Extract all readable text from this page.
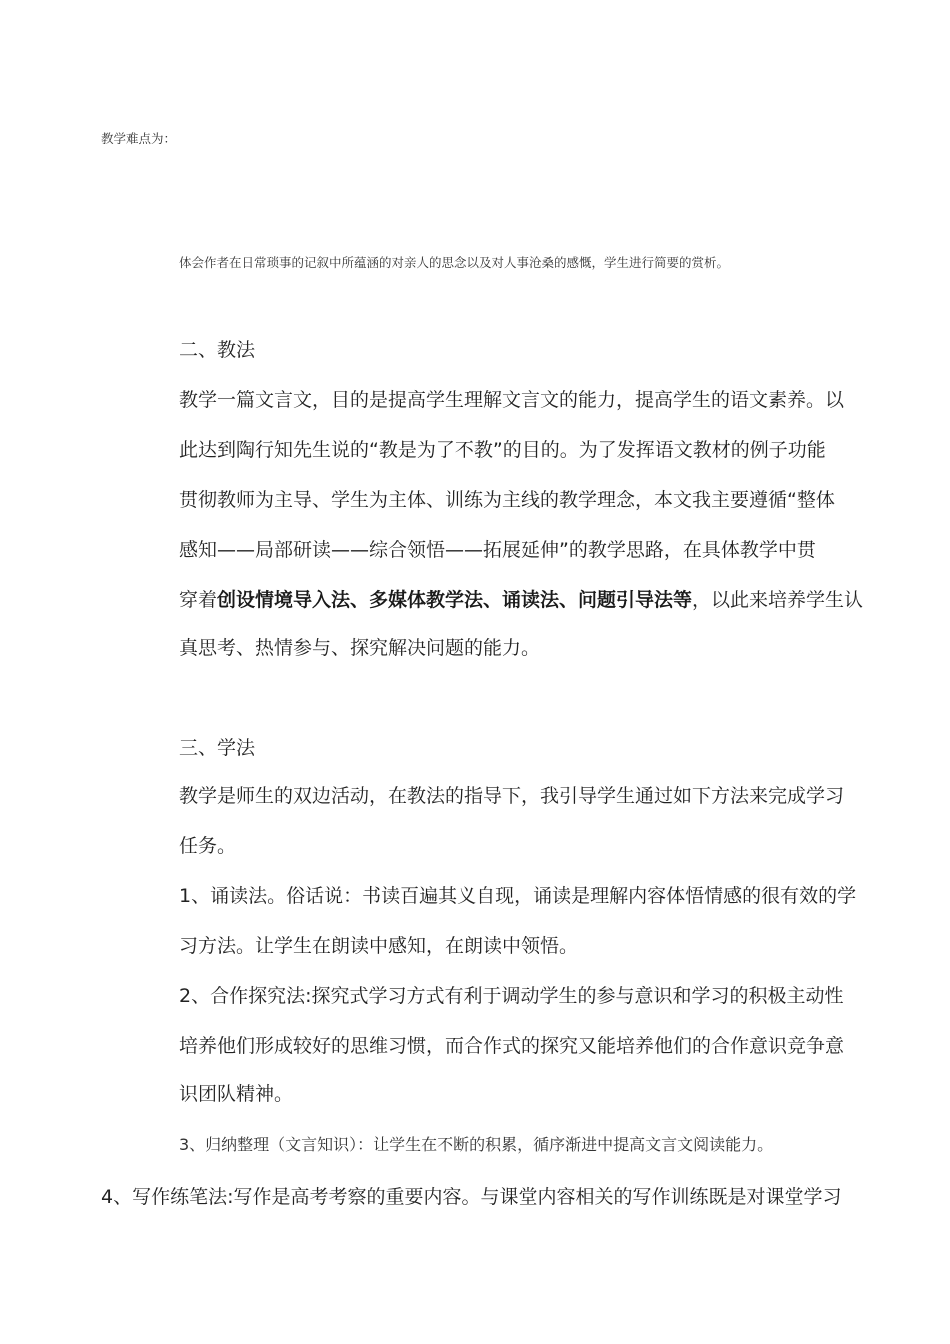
教学难点为：
体会作者在日常琐事的记叙中所蕴涵的对亲人的思念以及对人事沧桑的感慨，学生进行简要的赏析。
二、教法
教学一篇文言文，目的是提高学生理解文言文的能力，提高学生的语文素养。以
此达到陶行知先生说的“教是为了不教”的目的。为了发挥语文教材的例子功能
贯彻教师为主导、学生为主体、训练为主线的教学理念，本文我主要遵循“整体
感知——局部研读——综合领悟——拓展延伸”的教学思路，在具体教学中贯
穿着创设情境导入法、多媒体教学法、诵读法、问题引导法等，以此来培养学生认
真思考、热情参与、探究解决问题的能力。
三、学法
教学是师生的双边活动，在教法的指导下，我引导学生通过如下方法来完成学习
任务。
1、诵读法。俗话说：书读百遍其义自现，诵读是理解内容体悟情感的很有效的学
习方法。让学生在朗读中感知，在朗读中领悟。
2、合作探究法:探究式学习方式有利于调动学生的参与意识和学习的积极主动性
培养他们形成较好的思维习惯，而合作式的探究又能培养他们的合作意识竞争意
识团队精神。
3、归纳整理（文言知识）：让学生在不断的积累，循序渐进中提高文言文阅读能力。
4、写作练笔法:写作是高考考察的重要内容。与课堂内容相关的写作训练既是对课堂学习
